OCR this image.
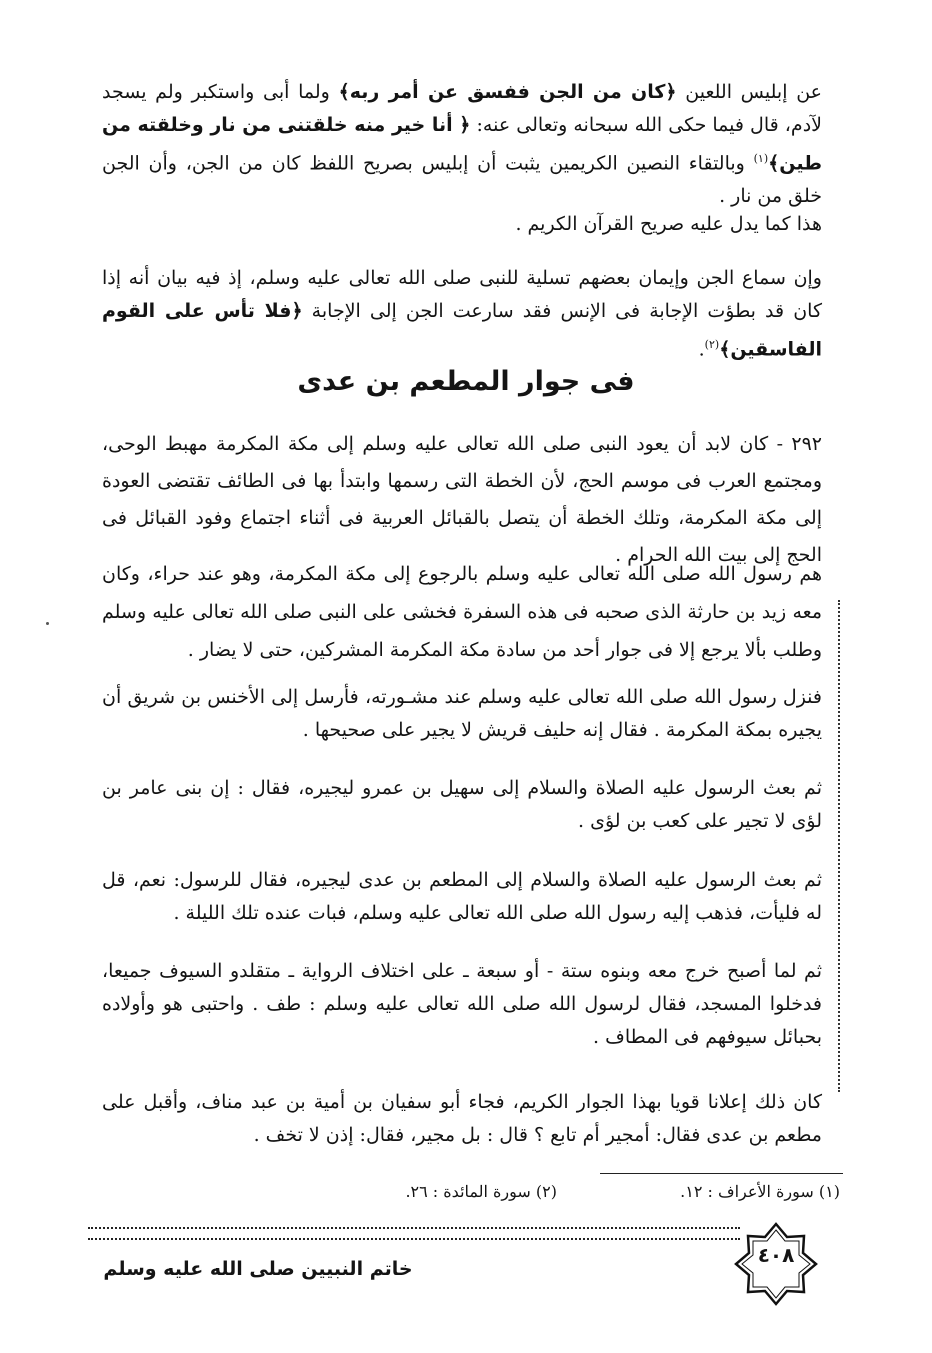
عن إبليس اللعين ﴿كان من الجن ففسق عن أمر ربه﴾ ولما أبى واستكبر ولم يسجد لآدم، قال فيما حكى الله سبحانه وتعالى عنه: ﴿ أنا خير منه خلقتنى من نار وخلقته من طين﴾$^{(١)}$ وبالتقاء النصين الكريمين يثبت أن إبليس بصريح اللفظ كان من الجن، وأن الجن خلق من نار .

هذا كما يدل عليه صريح القرآن الكريم .

وإن سماع الجن وإيمان بعضهم تسلية للنبى صلى الله تعالى عليه وسلم، إذ فيه بيان أنه إذا كان قد بطؤت الإجابة فى الإنس فقد سارعت الجن إلى الإجابة ﴿فلا تأس على القوم الفاسقين﴾$^{(٢)}$.

فى جوار المطعم بن عدى

٢٩٢ - كان لابد أن يعود النبى صلى الله تعالى عليه وسلم إلى مكة المكرمة مهبط الوحى، ومجتمع العرب فى موسم الحج، لأن الخطة التى رسمها وابتدأ بها فى الطائف تقتضى العودة إلى مكة المكرمة، وتلك الخطة أن يتصل بالقبائل العربية فى أثناء اجتماع وفود القبائل فى الحج إلى بيت الله الحرام .

هم رسول الله صلى الله تعالى عليه وسلم بالرجوع إلى مكة المكرمة، وهو عند حراء، وكان معه زيد بن حارثة الذى صحبه فى هذه السفرة فخشى على النبى صلى الله تعالى عليه وسلم وطلب بألا يرجع إلا فى جوار أحد من سادة مكة المكرمة المشركين، حتى لا يضار .

فنزل رسول الله صلى الله تعالى عليه وسلم عند مشـورته، فأرسل إلى الأخنس بن شريق أن يجيره بمكة المكرمة . فقال إنه حليف قريش لا يجير على صحيحها .

ثم بعث الرسول عليه الصلاة والسلام إلى سهيل بن عمرو ليجيره، فقال : إن بنى عامر بن لؤى لا تجير على كعب بن لؤى .

ثم بعث الرسول عليه الصلاة والسلام إلى المطعم بن عدى ليجيره، فقال للرسول: نعم، قل له فليأت، فذهب إليه رسول الله صلى الله تعالى عليه وسلم، فبات عنده تلك الليلة .

ثم لما أصبح خرج معه وبنوه ستة - أو سبعة ـ على اختلاف الرواية ـ متقلدو السيوف جميعا، فدخلوا المسجد، فقال لرسول الله صلى الله تعالى عليه وسلم : طف . واحتبى هو وأولاده بحبائل سيوفهم فى المطاف .

كان ذلك إعلانا قويا بهذا الجوار الكريم، فجاء أبو سفيان بن أمية بن عبد مناف، وأقبل على مطعم بن عدى فقال: أمجير أم تابع ؟ قال : بل مجير، فقال: إذن لا تخف .

(١) سورة الأعراف : ١٢.
(٢) سورة المائدة : ٢٦.
خاتم النبيين صلى الله عليه وسلم
٤٠٨
